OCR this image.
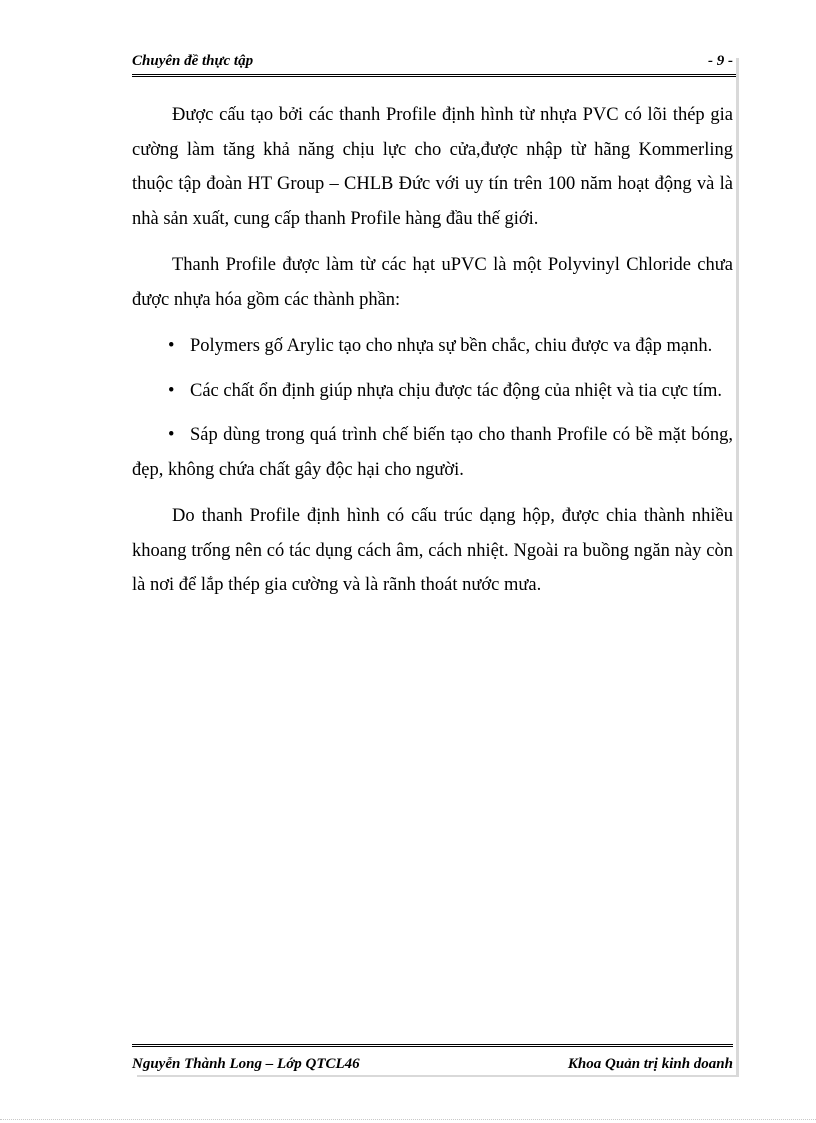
Chuyên đề thực tập	- 9 -

Được cấu tạo bởi các thanh Profile định hình từ nhựa PVC có lõi thép gia cường làm tăng khả năng chịu lực cho cửa,được nhập từ hãng Kommerling thuộc tập đoàn HT Group – CHLB Đức với uy tín trên 100 năm hoạt động và là nhà sản xuất, cung cấp thanh Profile hàng đầu thế giới.

Thanh Profile được làm từ các hạt uPVC là một Polyvinyl Chloride chưa được nhựa hóa gồm các thành phần:

• Polymers gố Arylic tạo cho nhựa sự bền chắc, chiu được va đập mạnh.
• Các chất ổn định giúp nhựa chịu được tác động của nhiệt và tia cực tím.
• Sáp dùng trong quá trình chế biến tạo cho thanh Profile có bề mặt bóng, đẹp, không chứa chất gây độc hại cho người.

Do thanh Profile định hình có cấu trúc dạng hộp, được chia thành nhiều khoang trống nên có tác dụng cách âm, cách nhiệt. Ngoài ra buồng ngăn này còn là nơi để lắp thép gia cường và là rãnh thoát nước mưa.

Nguyễn Thành Long – Lớp QTCL46	Khoa Quản trị kinh doanh
